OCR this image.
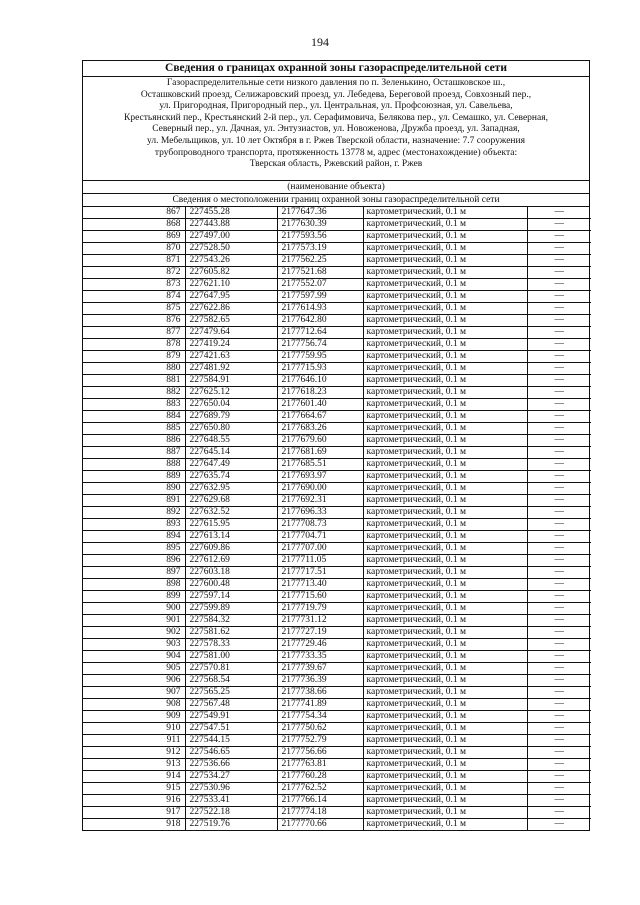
194
Сведения о границах охранной зоны газораспределительной сети
Газораспределительные сети низкого давления по п. Зеленькино, Осташковское ш.,
Осташковский проезд, Селижаровский проезд, ул. Лебедева, Береговой проезд, Совхозный пер.,
ул. Пригородная, Пригородный пер., ул. Центральная, ул. Профсоюзная, ул. Савельева,
Крестьянский пер., Крестьянский 2-й пер., ул. Серафимовича, Белякова пер., ул. Семашко, ул. Северная,
Северный пер., ул. Дачная, ул. Энтузиастов, ул. Новоженова, Дружба проезд, ул. Западная,
ул. Мебельщиков, ул. 10 лет Октября в г. Ржев Тверской области, назначение: 7.7 сооружения
трубопроводного транспорта, протяженность 13778 м, адрес (местонахождение) объекта:
Тверская область, Ржевский район, г. Ржев
(наименование объекта)
Сведения о местоположении границ охранной зоны газораспределительной сети
867	227455.28	2177647.36	картометрический, 0.1 м	—
868	227443.88	2177630.39	картометрический, 0.1 м	—
869	227497.00	2177593.56	картометрический, 0.1 м	—
870	227528.50	2177573.19	картометрический, 0.1 м	—
871	227543.26	2177562.25	картометрический, 0.1 м	—
872	227605.82	2177521.68	картометрический, 0.1 м	—
873	227621.10	2177552.07	картометрический, 0.1 м	—
874	227647.95	2177597.99	картометрический, 0.1 м	—
875	227622.86	2177614.93	картометрический, 0.1 м	—
876	227582.65	2177642.80	картометрический, 0.1 м	—
877	227479.64	2177712.64	картометрический, 0.1 м	—
878	227419.24	2177756.74	картометрический, 0.1 м	—
879	227421.63	2177759.95	картометрический, 0.1 м	—
880	227481.92	2177715.93	картометрический, 0.1 м	—
881	227584.91	2177646.10	картометрический, 0.1 м	—
882	227625.12	2177618.23	картометрический, 0.1 м	—
883	227650.04	2177601.40	картометрический, 0.1 м	—
884	227689.79	2177664.67	картометрический, 0.1 м	—
885	227650.80	2177683.26	картометрический, 0.1 м	—
886	227648.55	2177679.60	картометрический, 0.1 м	—
887	227645.14	2177681.69	картометрический, 0.1 м	—
888	227647.49	2177685.51	картометрический, 0.1 м	—
889	227635.74	2177693.97	картометрический, 0.1 м	—
890	227632.95	2177690.00	картометрический, 0.1 м	—
891	227629.68	2177692.31	картометрический, 0.1 м	—
892	227632.52	2177696.33	картометрический, 0.1 м	—
893	227615.95	2177708.73	картометрический, 0.1 м	—
894	227613.14	2177704.71	картометрический, 0.1 м	—
895	227609.86	2177707.00	картометрический, 0.1 м	—
896	227612.69	2177711.05	картометрический, 0.1 м	—
897	227603.18	2177717.51	картометрический, 0.1 м	—
898	227600.48	2177713.40	картометрический, 0.1 м	—
899	227597.14	2177715.60	картометрический, 0.1 м	—
900	227599.89	2177719.79	картометрический, 0.1 м	—
901	227584.32	2177731.12	картометрический, 0.1 м	—
902	227581.62	2177727.19	картометрический, 0.1 м	—
903	227578.33	2177729.46	картометрический, 0.1 м	—
904	227581.00	2177733.35	картометрический, 0.1 м	—
905	227570.81	2177739.67	картометрический, 0.1 м	—
906	227568.54	2177736.39	картометрический, 0.1 м	—
907	227565.25	2177738.66	картометрический, 0.1 м	—
908	227567.48	2177741.89	картометрический, 0.1 м	—
909	227549.91	2177754.34	картометрический, 0.1 м	—
910	227547.51	2177750.62	картометрический, 0.1 м	—
911	227544.15	2177752.79	картометрический, 0.1 м	—
912	227546.65	2177756.66	картометрический, 0.1 м	—
913	227536.66	2177763.81	картометрический, 0.1 м	—
914	227534.27	2177760.28	картометрический, 0.1 м	—
915	227530.96	2177762.52	картометрический, 0.1 м	—
916	227533.41	2177766.14	картометрический, 0.1 м	—
917	227522.18	2177774.18	картометрический, 0.1 м	—
918	227519.76	2177770.66	картометрический, 0.1 м	—
